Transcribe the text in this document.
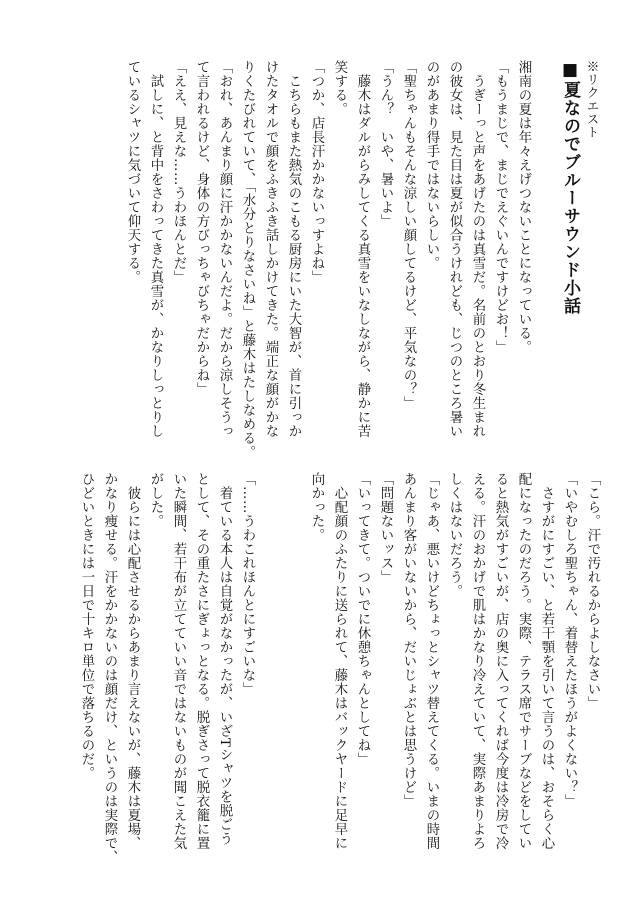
※リクエスト

■夏なのでブルーサウンド小話

湘南の夏は年々えげつないことになっている。

「もうまじで、まじでえぐいんですけどお！」

　うぎーっと声をあげたのは真雪だ。名前のとおり冬生まれ

の彼女は、見た目は夏が似合うけれども、じつのところ暑い

のがあまり得手ではないらしい。

「聖ちゃんもそんな涼しい顔してるけど、平気なの？」

「うん？　いや、暑いよ」

　藤木はダルがらみしてくる真雪をいなしながら、静かに苦

笑する。

「つか、店長汗かかないっすよね」

　こちらもまた熱気のこもる厨房にいた大智が、首に引っか

けたタオルで顔をふきふき話しかけてきた。端正な顔がかな

りくたびれていて、「水分とりなさいね」と藤木はたしなめる。

「おれ、あんまり顔に汗かかないんだよ。だから涼しそうっ

て言われるけど、身体の方びっちゃびちゃだからね」

「ええ、見えな……うわほんとだ」

　試しに、と背中をさわってきた真雪が、かなりしっとりし

ているシャツに気づいて仰天する。

「こら。汗で汚れるからよしなさい」

「いやむしろ聖ちゃん、着替えたほうがよくない？」

　さすがにすごい、と若干顎を引いて言うのは、おそらく心

配になったのだろう。実際、テラス席でサーブなどをしてい

ると熱気がすごいが、店の奥に入ってくれば今度は冷房で冷

える。汗のおかげで肌はかなり冷えていて、実際あまりよろ

しくはないだろう。

「じゃあ、悪いけどちょっとシャツ替えてくる。いまの時間

あんまり客がいないから、だいじょぶとは思うけど」

「問題ないッス」

「いってきて。ついでに休憩ちゃんとしてね」

　心配顔のふたりに送られて、藤木はバックヤードに足早に

向かった。

「……うわこれほんとにすごいな」

　着ている本人は自覚がなかったが、いざTシャツを脱ごう

として、その重たさにぎょっとなる。脱ぎさって脱衣籠に置

いた瞬間、若干布が立てていい音ではないものが聞こえた気

がした。

　彼らには心配させるからあまり言えないが、藤木は夏場、

かなり痩せる。汗をかかないのは顔だけ、というのは実際で、

ひどいときには一日で十キロ単位で落ちるのだ。
